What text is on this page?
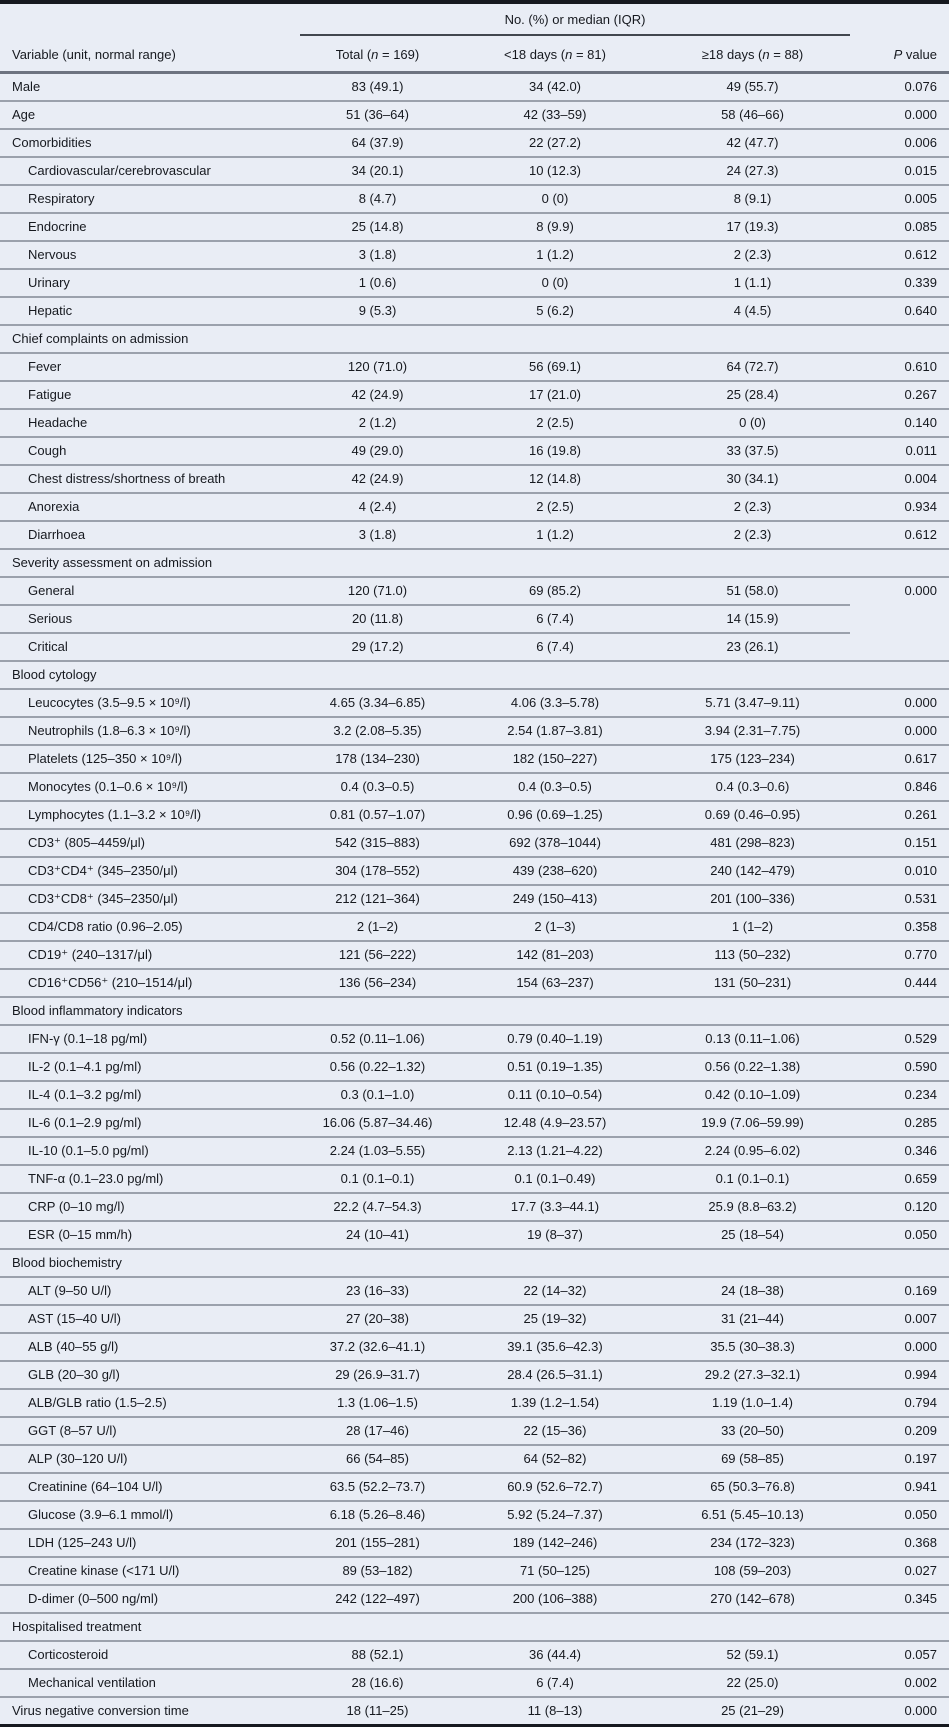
	No. (%) or median (IQR)			
Variable (unit, normal range)	Total (n = 169)	<18 days (n = 81)	≥18 days (n = 88)	P value
Male	83 (49.1)	34 (42.0)	49 (55.7)	0.076
Age	51 (36–64)	42 (33–59)	58 (46–66)	0.000
Comorbidities	64 (37.9)	22 (27.2)	42 (47.7)	0.006
Cardiovascular/cerebrovascular	34 (20.1)	10 (12.3)	24 (27.3)	0.015
Respiratory	8 (4.7)	0 (0)	8 (9.1)	0.005
Endocrine	25 (14.8)	8 (9.9)	17 (19.3)	0.085
Nervous	3 (1.8)	1 (1.2)	2 (2.3)	0.612
Urinary	1 (0.6)	0 (0)	1 (1.1)	0.339
Hepatic	9 (5.3)	5 (6.2)	4 (4.5)	0.640
Chief complaints on admission				
Fever	120 (71.0)	56 (69.1)	64 (72.7)	0.610
Fatigue	42 (24.9)	17 (21.0)	25 (28.4)	0.267
Headache	2 (1.2)	2 (2.5)	0 (0)	0.140
Cough	49 (29.0)	16 (19.8)	33 (37.5)	0.011
Chest distress/shortness of breath	42 (24.9)	12 (14.8)	30 (34.1)	0.004
Anorexia	4 (2.4)	2 (2.5)	2 (2.3)	0.934
Diarrhoea	3 (1.8)	1 (1.2)	2 (2.3)	0.612
Severity assessment on admission				
General	120 (71.0)	69 (85.2)	51 (58.0)	0.000
Serious	20 (11.8)	6 (7.4)	14 (15.9)	
Critical	29 (17.2)	6 (7.4)	23 (26.1)	
Blood cytology				
Leucocytes (3.5–9.5 × 10⁹/l)	4.65 (3.34–6.85)	4.06 (3.3–5.78)	5.71 (3.47–9.11)	0.000
Neutrophils (1.8–6.3 × 10⁹/l)	3.2 (2.08–5.35)	2.54 (1.87–3.81)	3.94 (2.31–7.75)	0.000
Platelets (125–350 × 10⁹/l)	178 (134–230)	182 (150–227)	175 (123–234)	0.617
Monocytes (0.1–0.6 × 10⁹/l)	0.4 (0.3–0.5)	0.4 (0.3–0.5)	0.4 (0.3–0.6)	0.846
Lymphocytes (1.1–3.2 × 10⁹/l)	0.81 (0.57–1.07)	0.96 (0.69–1.25)	0.69 (0.46–0.95)	0.261
CD3⁺ (805–4459/μl)	542 (315–883)	692 (378–1044)	481 (298–823)	0.151
CD3⁺CD4⁺ (345–2350/μl)	304 (178–552)	439 (238–620)	240 (142–479)	0.010
CD3⁺CD8⁺ (345–2350/μl)	212 (121–364)	249 (150–413)	201 (100–336)	0.531
CD4/CD8 ratio (0.96–2.05)	2 (1–2)	2 (1–3)	1 (1–2)	0.358
CD19⁺ (240–1317/μl)	121 (56–222)	142 (81–203)	113 (50–232)	0.770
CD16⁺CD56⁺ (210–1514/μl)	136 (56–234)	154 (63–237)	131 (50–231)	0.444
Blood inflammatory indicators				
IFN-γ (0.1–18 pg/ml)	0.52 (0.11–1.06)	0.79 (0.40–1.19)	0.13 (0.11–1.06)	0.529
IL-2 (0.1–4.1 pg/ml)	0.56 (0.22–1.32)	0.51 (0.19–1.35)	0.56 (0.22–1.38)	0.590
IL-4 (0.1–3.2 pg/ml)	0.3 (0.1–1.0)	0.11 (0.10–0.54)	0.42 (0.10–1.09)	0.234
IL-6 (0.1–2.9 pg/ml)	16.06 (5.87–34.46)	12.48 (4.9–23.57)	19.9 (7.06–59.99)	0.285
IL-10 (0.1–5.0 pg/ml)	2.24 (1.03–5.55)	2.13 (1.21–4.22)	2.24 (0.95–6.02)	0.346
TNF-α (0.1–23.0 pg/ml)	0.1 (0.1–0.1)	0.1 (0.1–0.49)	0.1 (0.1–0.1)	0.659
CRP (0–10 mg/l)	22.2 (4.7–54.3)	17.7 (3.3–44.1)	25.9 (8.8–63.2)	0.120
ESR (0–15 mm/h)	24 (10–41)	19 (8–37)	25 (18–54)	0.050
Blood biochemistry				
ALT (9–50 U/l)	23 (16–33)	22 (14–32)	24 (18–38)	0.169
AST (15–40 U/l)	27 (20–38)	25 (19–32)	31 (21–44)	0.007
ALB (40–55 g/l)	37.2 (32.6–41.1)	39.1 (35.6–42.3)	35.5 (30–38.3)	0.000
GLB (20–30 g/l)	29 (26.9–31.7)	28.4 (26.5–31.1)	29.2 (27.3–32.1)	0.994
ALB/GLB ratio (1.5–2.5)	1.3 (1.06–1.5)	1.39 (1.2–1.54)	1.19 (1.0–1.4)	0.794
GGT (8–57 U/l)	28 (17–46)	22 (15–36)	33 (20–50)	0.209
ALP (30–120 U/l)	66 (54–85)	64 (52–82)	69 (58–85)	0.197
Creatinine (64–104 U/l)	63.5 (52.2–73.7)	60.9 (52.6–72.7)	65 (50.3–76.8)	0.941
Glucose (3.9–6.1 mmol/l)	6.18 (5.26–8.46)	5.92 (5.24–7.37)	6.51 (5.45–10.13)	0.050
LDH (125–243 U/l)	201 (155–281)	189 (142–246)	234 (172–323)	0.368
Creatine kinase (<171 U/l)	89 (53–182)	71 (50–125)	108 (59–203)	0.027
D-dimer (0–500 ng/ml)	242 (122–497)	200 (106–388)	270 (142–678)	0.345
Hospitalised treatment				
Corticosteroid	88 (52.1)	36 (44.4)	52 (59.1)	0.057
Mechanical ventilation	28 (16.6)	6 (7.4)	22 (25.0)	0.002
Virus negative conversion time	18 (11–25)	11 (8–13)	25 (21–29)	0.000
